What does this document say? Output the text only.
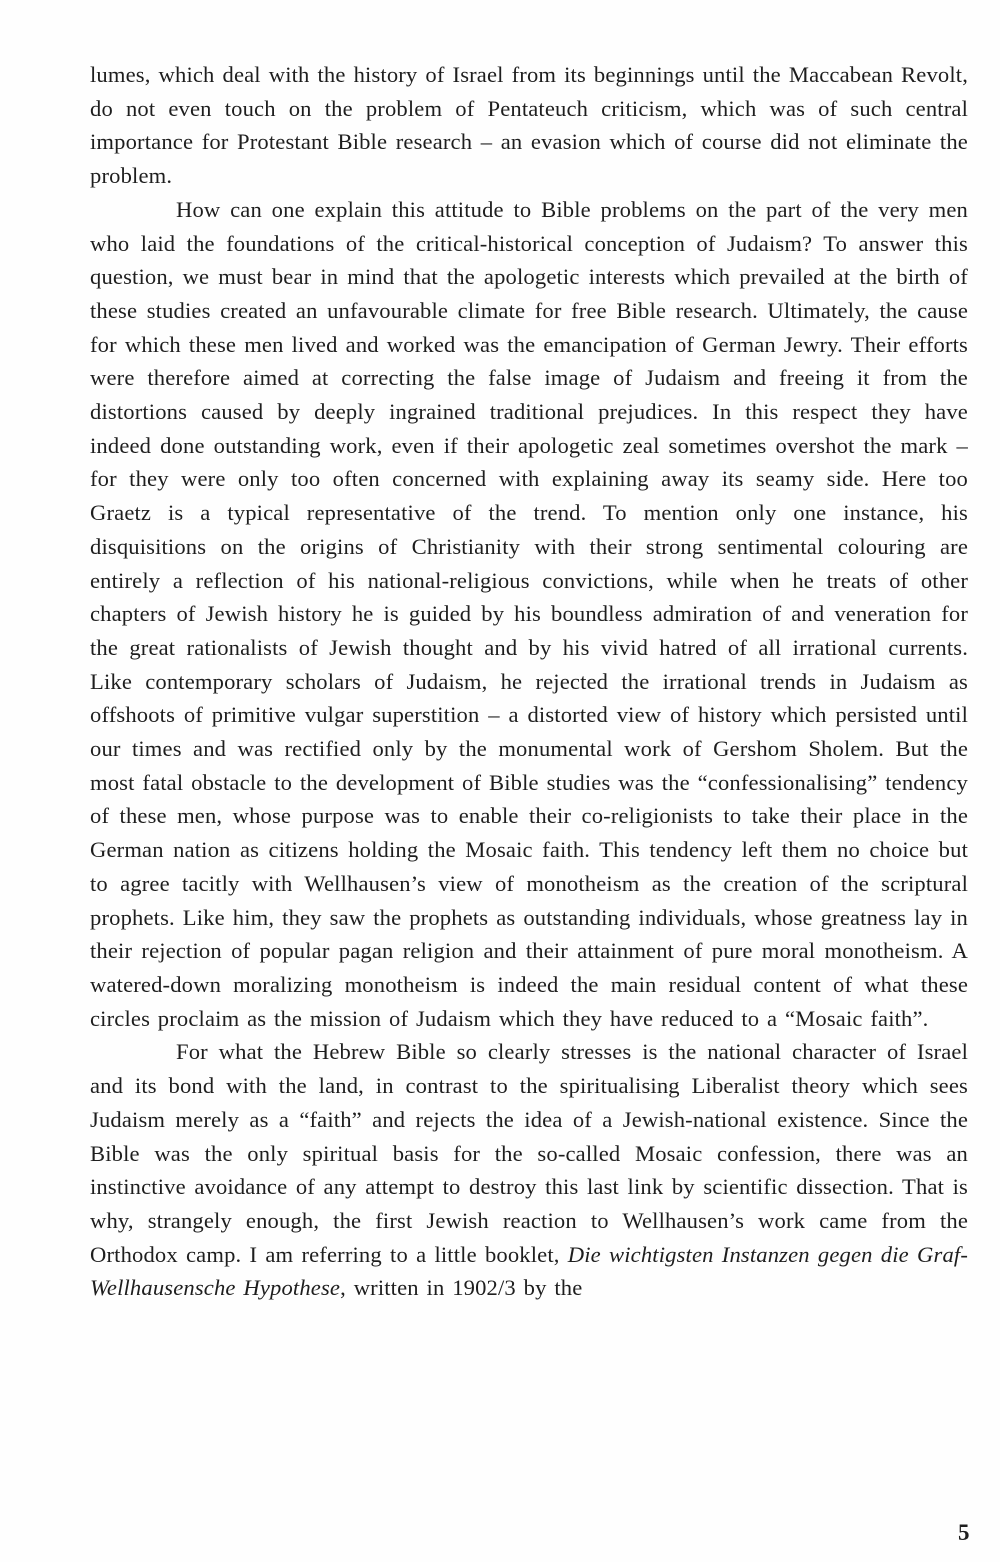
lumes, which deal with the history of Israel from its beginnings until the Maccabean Revolt, do not even touch on the problem of Pentateuch criticism, which was of such central importance for Protestant Bible research – an evasion which of course did not eliminate the problem.

How can one explain this attitude to Bible problems on the part of the very men who laid the foundations of the critical-historical conception of Judaism? To answer this question, we must bear in mind that the apologetic interests which prevailed at the birth of these studies created an unfavourable climate for free Bible research. Ultimately, the cause for which these men lived and worked was the emancipation of German Jewry. Their efforts were therefore aimed at correcting the false image of Judaism and freeing it from the distortions caused by deeply ingrained traditional prejudices. In this respect they have indeed done outstanding work, even if their apologetic zeal sometimes overshot the mark – for they were only too often concerned with explaining away its seamy side. Here too Graetz is a typical representative of the trend. To mention only one instance, his disquisitions on the origins of Christianity with their strong sentimental colouring are entirely a reflection of his national-religious convictions, while when he treats of other chapters of Jewish history he is guided by his boundless admiration of and veneration for the great rationalists of Jewish thought and by his vivid hatred of all irrational currents. Like contemporary scholars of Judaism, he rejected the irrational trends in Judaism as offshoots of primitive vulgar superstition – a distorted view of history which persisted until our times and was rectified only by the monumental work of Gershom Sholem. But the most fatal obstacle to the development of Bible studies was the “confessionalising” tendency of these men, whose purpose was to enable their co-religionists to take their place in the German nation as citizens holding the Mosaic faith. This tendency left them no choice but to agree tacitly with Wellhausen’s view of monotheism as the creation of the scriptural prophets. Like him, they saw the prophets as outstanding individuals, whose greatness lay in their rejection of popular pagan religion and their attainment of pure moral monotheism. A watered-down moralizing monotheism is indeed the main residual content of what these circles proclaim as the mission of Judaism which they have reduced to a “Mosaic faith”.

For what the Hebrew Bible so clearly stresses is the national character of Israel and its bond with the land, in contrast to the spiritualising Liberalist theory which sees Judaism merely as a “faith” and rejects the idea of a Jewish-national existence. Since the Bible was the only spiritual basis for the so-called Mosaic confession, there was an instinctive avoidance of any attempt to destroy this last link by scientific dissection. That is why, strangely enough, the first Jewish reaction to Wellhausen’s work came from the Orthodox camp. I am referring to a little booklet, Die wichtigsten Instanzen gegen die Graf-Wellhausensche Hypothese, written in 1902/3 by the

5
